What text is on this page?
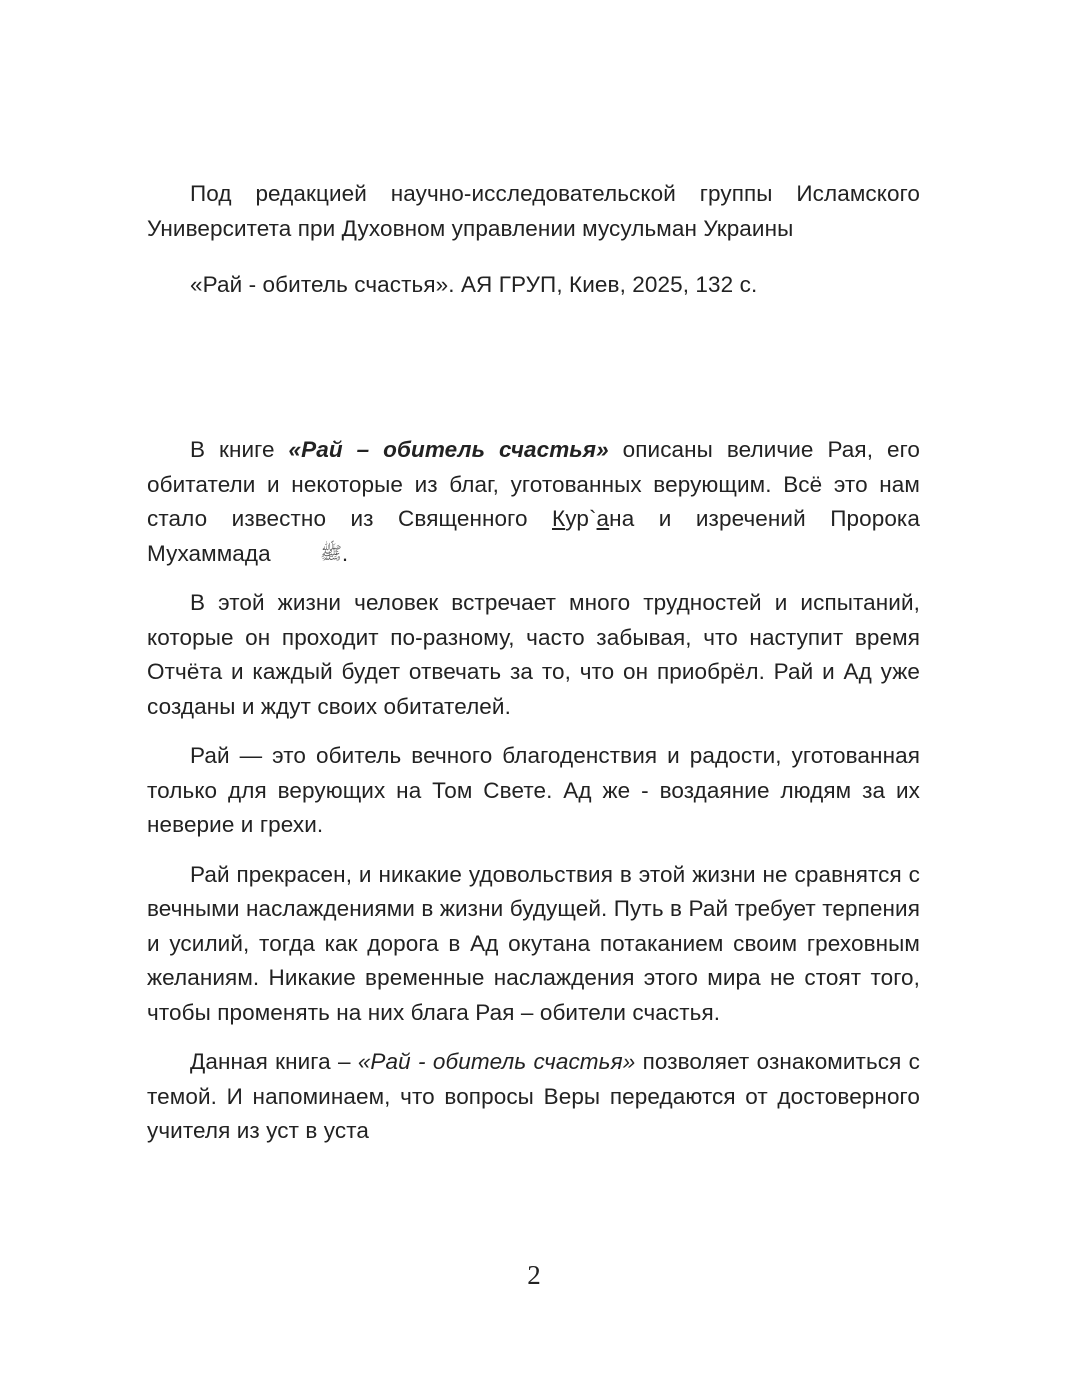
Под редакцией научно-исследовательской группы Исламского Университета при Духовном управлении мусульман Украины

«Рай - обитель счастья». АЯ ГРУП, Киев, 2025, 132 с.

В книге «Рай – обитель счастья» описаны величие Рая, его обитатели и некоторые из благ, уготованных верующим. Всё это нам стало известно из Священного Кур`ана и изречений Пророка Мухаммада ﷺ.

В этой жизни человек встречает много трудностей и испытаний, которые он проходит по-разному, часто забывая, что наступит время Отчёта и каждый будет отвечать за то, что он приобрёл. Рай и Ад уже созданы и ждут своих обитателей.

Рай — это обитель вечного благоденствия и радости, уготованная только для верующих на Том Свете. Ад же - воздаяние людям за их неверие и грехи.

Рай прекрасен, и никакие удовольствия в этой жизни не сравнятся с вечными наслаждениями в жизни будущей. Путь в Рай требует терпения и усилий, тогда как дорога в Ад окутана потаканием своим греховным желаниям. Никакие временные наслаждения этого мира не стоят того, чтобы променять на них блага Рая – обители счастья.

Данная книга – «Рай - обитель счастья» позволяет ознакомиться с темой. И напоминаем, что вопросы Веры передаются от достоверного учителя из уст в уста

2
